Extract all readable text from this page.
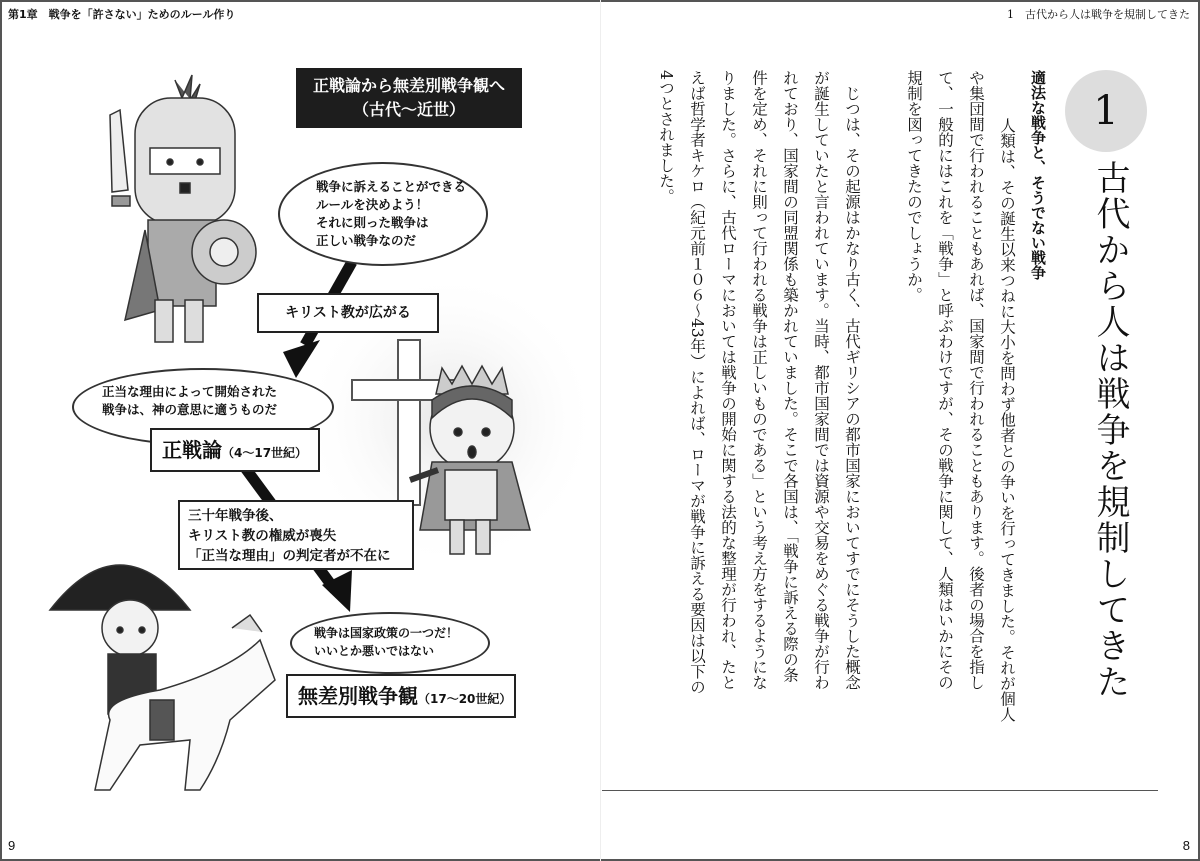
第1章　戦争を「許さない」ためのルール作り	1　古代から人は戦争を規制してきた
正戦論から無差別戦争観へ
（古代〜近世）
戦争に訴えることができる
ルールを決めよう！
それに則った戦争は
正しい戦争なのだ
キリスト教が広がる
正当な理由によって開始された
戦争は、神の意思に適うものだ
正戦論（4〜17世紀）
三十年戦争後、
キリスト教の権威が喪失
「正当な理由」の判定者が不在に
戦争は国家政策の一つだ！
いいとか悪いではない
無差別戦争観（17〜20世紀）
1
古代から人は戦争を規制してきた
適法な戦争と、そうでない戦争
　人類は、その誕生以来つねに大小を問わず他者との争いを行ってきました。それが個人
や集団間で行われることもあれば、国家間で行われることもあります。後者の場合を指し
て、一般的にはこれを「戦争」と呼ぶわけですが、その戦争に関して、人類はいかにその
規制を図ってきたのでしょうか。
　じつは、その起源はかなり古く、古代ギリシアの都市国家においてすでにそうした概念
が誕生していたと言われています。当時、都市国家間では資源や交易をめぐる戦争が行わ
れており、国家間の同盟関係も築かれていました。そこで各国は、「戦争に訴える際の条
件を定め、それに則って行われる戦争は正しいものである」という考え方をするようにな
りました。さらに、古代ローマにおいては戦争の開始に関する法的な整理が行われ、たと
えば哲学者キケロ（紀元前１０６〜43年）によれば、ローマが戦争に訴える要因は以下の
4つとされました。
9	8
